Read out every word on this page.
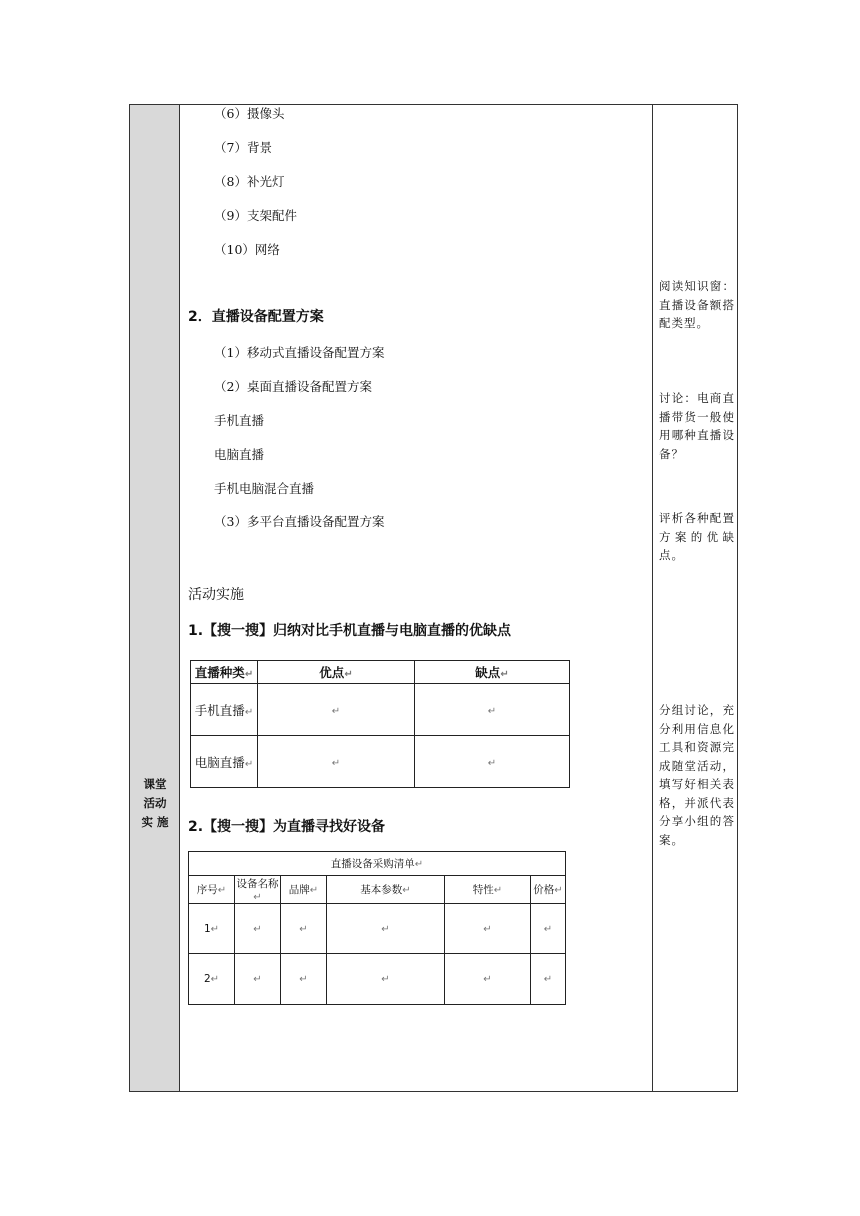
课堂
活动
实 施
阅读知识窗：直播设备额搭配类型。
讨论：电商直播带货一般使用哪种直播设备？
评析各种配置方案的优缺点。
分组讨论，充分利用信息化工具和资源完成随堂活动，填写好相关表格，并派代表分享小组的答案。
（6）摄像头
（7）背景
（8）补光灯
（9）支架配件
（10）网络
2．直播设备配置方案
（1）移动式直播设备配置方案
（2）桌面直播设备配置方案
手机直播
电脑直播
手机电脑混合直播
（3）多平台直播设备配置方案
活动实施
1.【搜一搜】归纳对比手机直播与电脑直播的优缺点
直播种类↵	优点↵	缺点↵
手机直播↵	↵	↵
电脑直播↵	↵	↵
2.【搜一搜】为直播寻找好设备
直播设备采购清单↵					
序号↵	设备名称↵	品牌↵	基本参数↵	特性↵	价格↵
1↵	↵	↵	↵	↵	↵
2↵	↵	↵	↵	↵	↵
